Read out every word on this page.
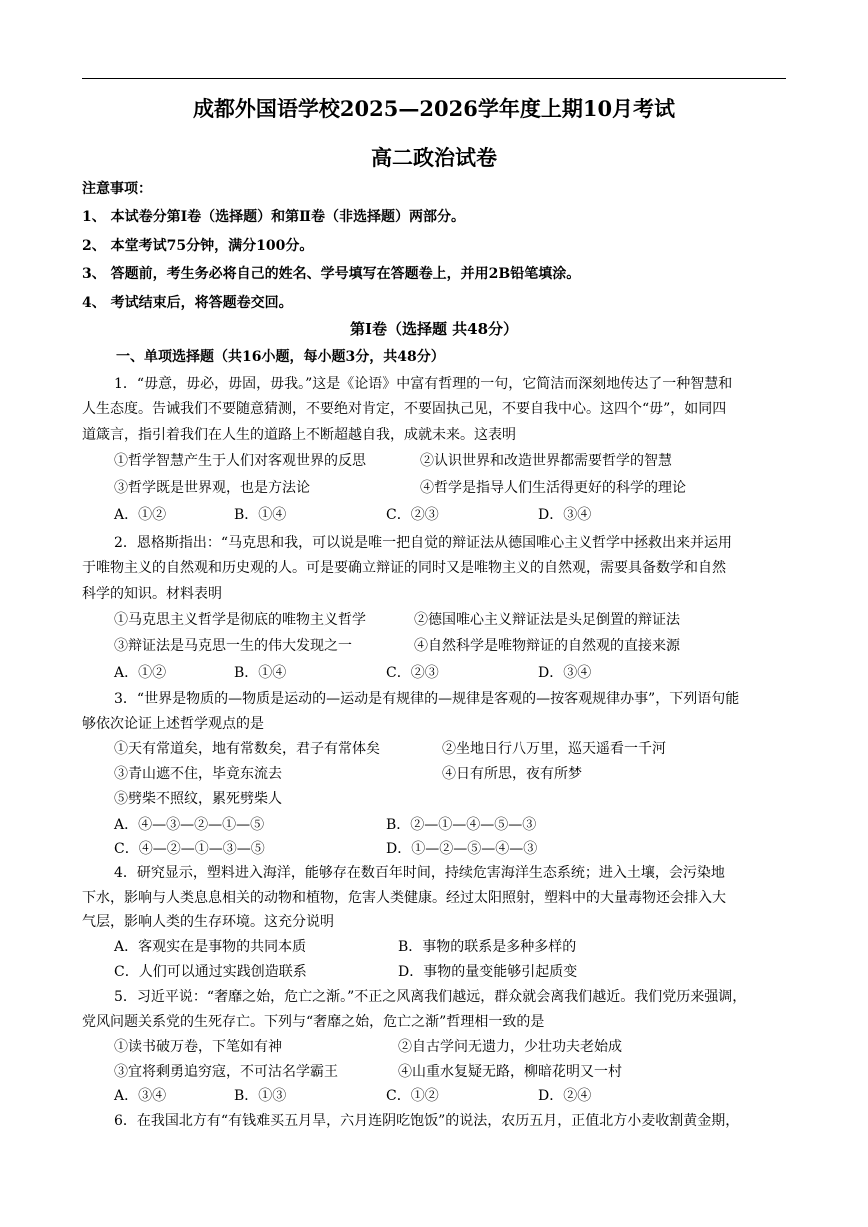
成都外国语学校2025—2026学年度上期10月考试
高二政治试卷
注意事项：
1、 本试卷分第Ⅰ卷（选择题）和第Ⅱ卷（非选择题）两部分。
2、 本堂考试75分钟，满分100分。
3、 答题前，考生务必将自己的姓名、学号填写在答题卷上，并用2B铅笔填涂。
4、 考试结束后，将答题卷交回。
第Ⅰ卷（选择题 共48分）
一、单项选择题（共16小题，每小题3分，共48分）
1．“毋意，毋必，毋固，毋我。”这是《论语》中富有哲理的一句，它简洁而深刻地传达了一种智慧和
人生态度。告诫我们不要随意猜测，不要绝对肯定，不要固执己见，不要自我中心。这四个“毋”，如同四
道箴言，指引着我们在人生的道路上不断超越自我，成就未来。这表明
①哲学智慧产生于人们对客观世界的反思	②认识世界和改造世界都需要哲学的智慧
③哲学既是世界观，也是方法论	④哲学是指导人们生活得更好的科学的理论
A．①②	B．①④	C．②③	D．③④
2．恩格斯指出：“马克思和我，可以说是唯一把自觉的辩证法从德国唯心主义哲学中拯救出来并运用
于唯物主义的自然观和历史观的人。可是要确立辩证的同时又是唯物主义的自然观，需要具备数学和自然
科学的知识。材料表明
①马克思主义哲学是彻底的唯物主义哲学	②德国唯心主义辩证法是头足倒置的辩证法
③辩证法是马克思一生的伟大发现之一	④自然科学是唯物辩证的自然观的直接来源
A．①②	B．①④	C．②③	D．③④
3．“世界是物质的—物质是运动的—运动是有规律的—规律是客观的—按客观规律办事”，下列语句能
够依次论证上述哲学观点的是
①天有常道矣，地有常数矣，君子有常体矣	②坐地日行八万里，巡天遥看一千河
③青山遮不住，毕竟东流去	④日有所思，夜有所梦
⑤劈柴不照纹，累死劈柴人
A．④—③—②—①—⑤	B．②—①—④—⑤—③
C．④—②—①—③—⑤	D．①—②—⑤—④—③
4．研究显示，塑料进入海洋，能够存在数百年时间，持续危害海洋生态系统；进入土壤，会污染地
下水，影响与人类息息相关的动物和植物，危害人类健康。经过太阳照射，塑料中的大量毒物还会排入大
气层，影响人类的生存环境。这充分说明
A．客观实在是事物的共同本质	B．事物的联系是多种多样的
C．人们可以通过实践创造联系	D．事物的量变能够引起质变
5．习近平说：“奢靡之始，危亡之渐。”不正之风离我们越远，群众就会离我们越近。我们党历来强调，
党风问题关系党的生死存亡。下列与“奢靡之始，危亡之渐”哲理相一致的是
①读书破万卷，下笔如有神	②自古学问无遗力，少壮功夫老始成
③宜将剩勇追穷寇，不可沽名学霸王	④山重水复疑无路，柳暗花明又一村
A．③④	B．①③	C．①②	D．②④
6．在我国北方有“有钱难买五月旱，六月连阴吃饱饭”的说法，农历五月，正值北方小麦收割黄金期，
